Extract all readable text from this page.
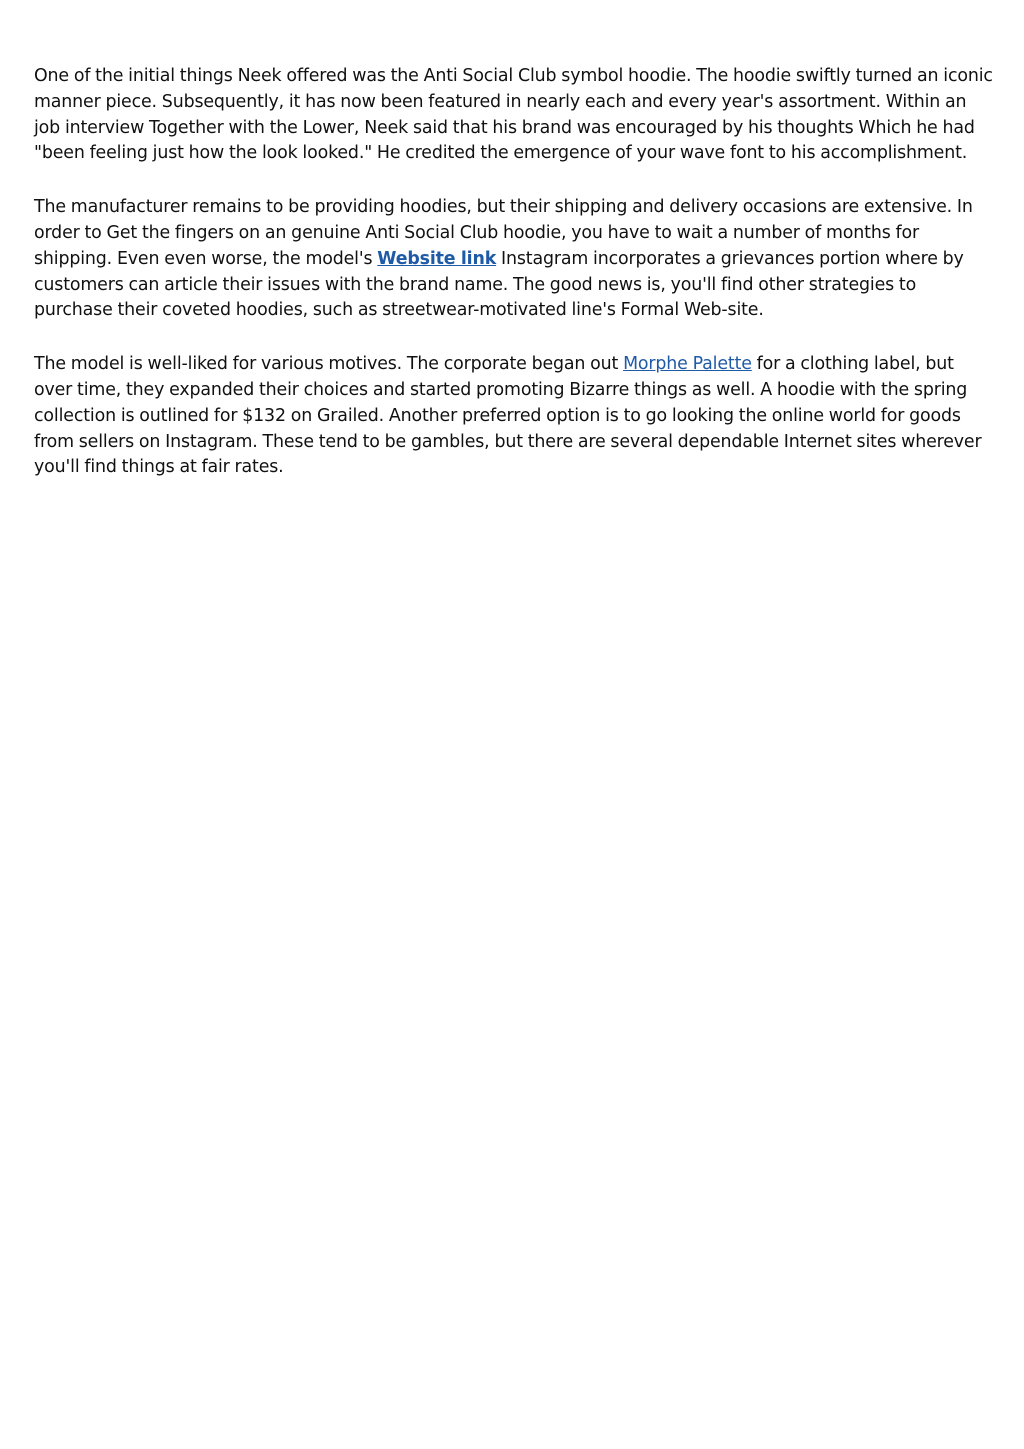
One of the initial things Neek offered was the Anti Social Club symbol hoodie. The hoodie swiftly turned an iconic manner piece. Subsequently, it has now been featured in nearly each and every year's assortment. Within an job interview Together with the Lower, Neek said that his brand was encouraged by his thoughts Which he had "been feeling just how the look looked." He credited the emergence of your wave font to his accomplishment.

The manufacturer remains to be providing hoodies, but their shipping and delivery occasions are extensive. In order to Get the fingers on an genuine Anti Social Club hoodie, you have to wait a number of months for shipping. Even even worse, the model's Website link Instagram incorporates a grievances portion where by customers can article their issues with the brand name. The good news is, you'll find other strategies to purchase their coveted hoodies, such as streetwear-motivated line's Formal Web-site.

The model is well-liked for various motives. The corporate began out Morphe Palette for a clothing label, but over time, they expanded their choices and started promoting Bizarre things as well. A hoodie with the spring collection is outlined for $132 on Grailed. Another preferred option is to go looking the online world for goods from sellers on Instagram. These tend to be gambles, but there are several dependable Internet sites wherever you'll find things at fair rates.
